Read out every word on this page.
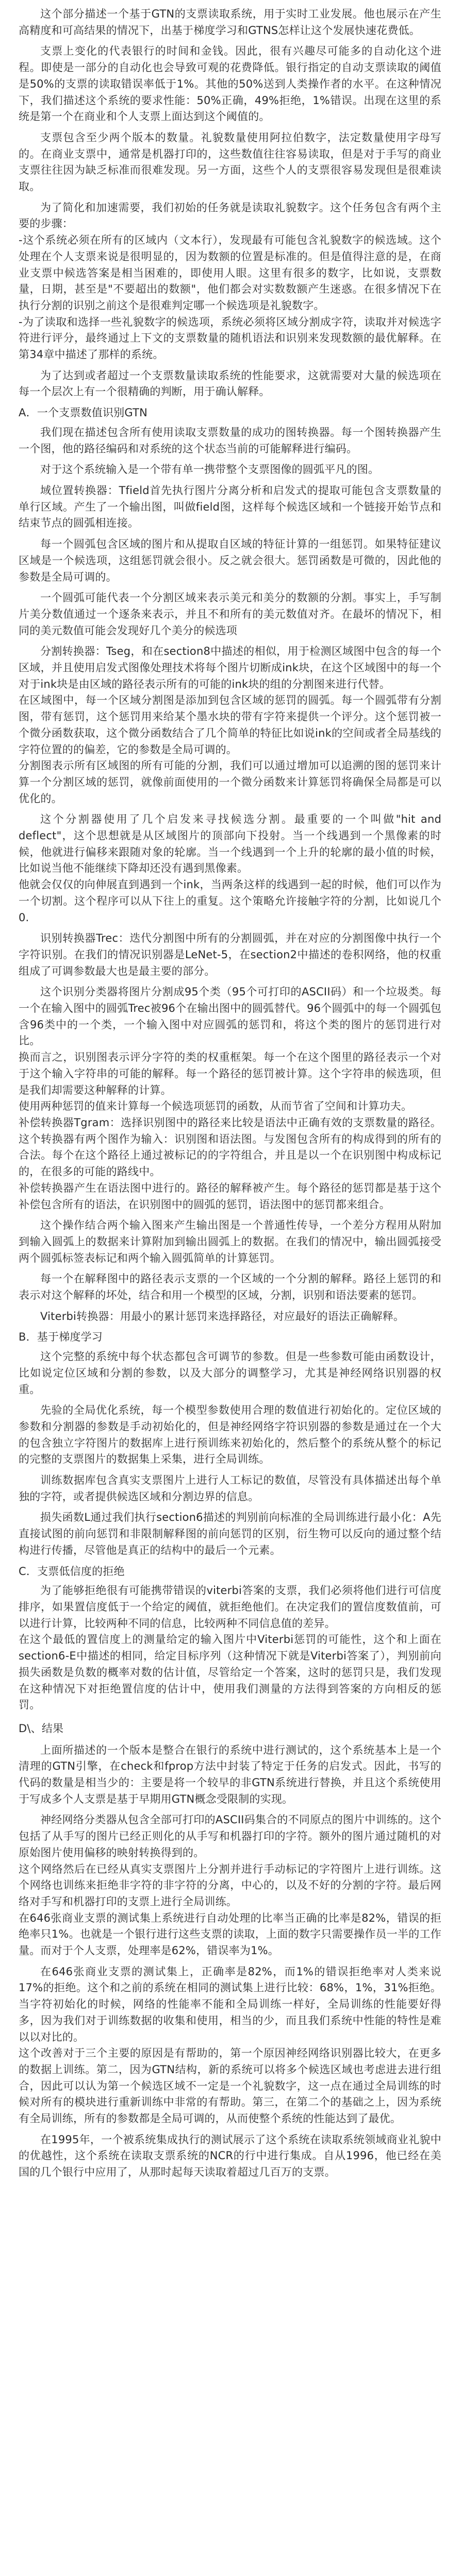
这个部分描述一个基于GTN的支票读取系统，用于实时工业发展。他也展示在产生高精度和可高结果的情况下，出基于梯度学习和GTNS怎样让这个发展快速花费低。

支票上变化的代表银行的时间和金钱。因此，很有兴趣尽可能多的自动化这个进程。即使是一部分的自动化也会导致可观的花费降低。银行指定的自动支票读取的阈值是50%的支票的读取错误率低于1%。其他的50%送到人类操作者的水平。在这种情况下，我们描述这个系统的要求性能：50%正确，49%拒绝，1%错误。出现在这里的系统是第一个在商业和个人支票上面达到这个阈值的。

支票包含至少两个版本的数量。礼貌数量使用阿拉伯数字，法定数量使用字母写的。在商业支票中，通常是机器打印的，这些数值往往容易读取，但是对于手写的商业支票往往因为缺乏标准而很难发现。另一方面，这些个人的支票很容易发现但是很难读取。

为了简化和加速需要，我们初始的任务就是读取礼貌数字。这个任务包含有两个主要的步骤：
-这个系统必须在所有的区域内（文本行），发现最有可能包含礼貌数字的候选域。这个处理在个人支票来说是很明显的，因为数额的位置是标准的。但是值得注意的是，在商业支票中候选答案是相当困难的，即使用人眼。这里有很多的数字，比如说，支票数量，日期，甚至是"不要超出的数额"，他们都会对实数数额产生迷惑。在很多情况下在执行分割的识别之前这个是很难判定哪一个候选项是礼貌数字。
-为了读取和选择一些礼貌数字的候选项，系统必须将区域分割成字符，读取并对候选字符进行评分，最终通过上下文的支票数量的随机语法和识别来发现数额的最优解释。在第34章中描述了那样的系统。

为了达到或者超过一个支票数量读取系统的性能要求，这就需要对大量的候选项在每一个层次上有一个很精确的判断，用于确认解释。

A．一个支票数值识别GTN

我们现在描述包含所有使用读取支票数量的成功的图转换器。每一个图转换器产生一个图，他的路径编码和对系统的这个状态当前的可能解释进行编码。

对于这个系统输入是一个带有单一携带整个支票图像的圆弧平凡的图。

域位置转换器：Tfield首先执行图片分离分析和启发式的提取可能包含支票数量的单行区域。产生了一个输出图，叫做field图，这样每个候选区域和一个链接开始节点和结束节点的圆弧相连接。

每一个圆弧包含区域的图片和从提取自区域的特征计算的一组惩罚。如果特征建议区域是一个候选项，这组惩罚就会很小。反之就会很大。惩罚函数是可微的，因此他的参数是全局可调的。

一个圆弧可能代表一个分割区域来表示美元和美分的数额的分割。事实上，手写制片美分数值通过一个逐条来表示，并且不和所有的美元数值对齐。在最坏的情况下，相同的美元数值可能会发现好几个美分的候选项

分割转换器：Tseg，和在section8中描述的相似，用于检测区域图中包含的每一个区域，并且使用启发式图像处理技术将每个图片切断成ink块，在这个区域图中的每一个对于ink块是由区域的路径表示所有的可能的ink块的组的分割图来进行代替。
在区域图中，每一个区域分割图是添加到包含区域的惩罚的圆弧。每一个圆弧带有分割图，带有惩罚，这个惩罚用来给某个墨水块的带有字符来提供一个评分。这个惩罚被一个微分函数获取，这个微分函数结合了几个简单的特征比如说ink的空间或者全局基线的字符位置的的偏差，它的参数是全局可调的。
分割图表示所有区域图的所有可能的分割，我们可以通过增加可以追溯的图的惩罚来计算一个分割区域的惩罚，就像前面使用的一个微分函数来计算惩罚将确保全局都是可以优化的。

这个分割器使用了几个启发来寻找候选分割。最重要的一个叫做"hit and deflect"，这个思想就是从区域图片的顶部向下投射。当一个线遇到一个黑像素的时候，他就进行偏移来跟随对象的轮廓。当一个线遇到一个上升的轮廓的最小值的时候，比如说当他不能继续下降却还没有遇到黑像素。
他就会仅仅的向伸展直到遇到一个ink，当两条这样的线遇到一起的时候，他们可以作为一个切割。这个程序可以从下往上的重复。这个策略允许接触字符的分割，比如说几个0.

识别转换器Trec：迭代分割图中所有的分割圆弧，并在对应的分割图像中执行一个字符识别。在我们的情况识别器是LeNet-5，在section2中描述的卷积网络，他的权重组成了可调参数最大也是最主要的部分。

这个识别分类器将图片分割成95个类（95个可打印的ASCII码）和一个垃圾类。每一个在输入图中的圆弧Trec被96个在输出图中的圆弧替代。96个圆弧中的每一个圆弧包含96类中的一个类，一个输入图中对应圆弧的惩罚和，将这个类的图片的惩罚进行对比。
换而言之，识别图表示评分字符的类的权重框架。每一个在这个图里的路径表示一个对于这个输入字符串的可能的解释。每一个路径的惩罚被计算。这个字符串的候选项，但是我们却需要这种解释的计算。
使用两种惩罚的值来计算每一个候选项惩罚的函数，从而节省了空间和计算功夫。
补偿转换器Tgram：选择识别图中的路径来比较是语法中正确有效的支票数量的路径。这个转换器有两个图作为输入：识别图和语法图。与发图包含所有的构成得到的所有的合法。每个在这个路径上通过被标记的的字符组合，并且是以一个在识别图中构成标记的，在很多的可能的路线中。
补偿转换器产生在语法图中进行的。路径的解释被产生。每个路径的惩罚都是基于这个补偿包含所有的语法，在识别图中的圆弧的惩罚，语法图中的惩罚都来组合。

这个操作结合两个输入图来产生输出图是一个普通性传导，一个差分方程用从附加到输入圆弧上的数据来计算附加到输出圆弧上的数据。在我们的情况中，输出圆弧接受两个圆弧标签表标记和两个输入圆弧简单的计算惩罚。

每一个在解释图中的路径表示支票的一个区域的一个分割的解释。路径上惩罚的和表示对这个解释的坏处，结合和用一个模型的区域，分割，识别和语法要素的惩罚。

Viterbi转换器：用最小的累计惩罚来选择路径，对应最好的语法正确解释。

B．基于梯度学习

这个完整的系统中每个状态都包含可调节的参数。但是一些参数可能由函数设计，比如说定位区域和分割的参数，以及大部分的调整学习，尤其是神经网络识别器的权重。

先验的全局优化系统，每一个模型参数使用合理的数值进行初始化的。定位区域的参数和分割器的参数是手动初始化的，但是神经网络字符识别器的参数是通过在一个大的包含独立字符图片的数据库上进行预训练来初始化的，然后整个的系统从整个的标记的完整的支票图片的数据集上采集，进行全局训练。

训练数据库包含真实支票图片上进行人工标记的数值，尽管没有具体描述出每个单独的字符，或者提供候选区域和分割边界的信息。

损失函数L通过我们执行section6描述的判别前向标准的全局训练进行最小化：A先直接试图的前向惩罚和非限制解释图的前向惩罚的区别，衍生物可以反向的通过整个结构进行传播，尽管他是真正的结构中的最后一个元素。

C．支票低信度的拒绝

为了能够拒绝很有可能携带错误的viterbi答案的支票，我们必须将他们进行可信度排序，如果置信度低于一个给定的阈值，就拒绝他们。在决定我们的置信度数值前，可以进行计算，比较两种不同的信息，比较两种不同信息值的差异。
在这个最低的置信度上的测量给定的输入图片中Viterbi惩罚的可能性，这个和上面在section6-E中描述的相同，给定目标序列（这种情况下就是Viterbi答案了），判别前向损失函数是负数的概率对数的估计值，尽管给定一个答案，这时的惩罚只是，我们发现在这种情况下对拒绝置信度的估计中，使用我们测量的方法得到答案的方向相反的惩罚。

D\、结果

上面所描述的一个版本是整合在银行的系统中进行测试的，这个系统基本上是一个清理的GTN引擎，在check和fprop方法中封装了特定于任务的启发式。因此，书写的代码的数量是相当少的：主要是将一个较早的非GTN系统进行替换，并且这个系统使用于写成多个人支票是基于早期用GTN概念受限制的实现。

神经网络分类器从包含全部可打印的ASCII码集合的不同原点的图片中训练的。这个包括了从手写的图片已经正则化的从手写和机器打印的字符。额外的图片通过随机的对原始图片使用偏移的映射转换得到的。
这个网络然后在已经从真实支票图片上分割并进行手动标记的字符图片上进行训练。这个网络也训练来拒绝非字符的非字符的分离，中心的，以及不好的分割的字符。最后网络对手写和机器打印的支票上进行全局训练。
在646张商业支票的测试集上系统进行自动处理的比率当正确的比率是82%，错误的拒绝率只1%。也就是一个银行进行这些支票的读取，上面的数字只需要操作员一半的工作量。而对于个人支票，处理率是62%，错误率为1%。

在646张商业支票的测试集上，正确率是82%，而1%的错误拒绝率对人类来说17%的拒绝。这个和之前的系统在相同的测试集上进行比较：68%，1%，31%拒绝。当字符初始化的时候，网络的性能率不能和全局训练一样好，全局训练的性能要好得多，因为我们对于训练数据的收集和使用，相当的少，而且我们系统中性能的特性是难以以对比的。
这个改善对于三个主要的原因是有帮助的，第一个原因神经网络识别器比较大，在更多的数据上训练。第二，因为GTN结构，新的系统可以将多个候选区域也考虑进去进行组合，因此可以认为第一个候选区域不一定是一个礼貌数字，这一点在通过全局训练的时候对所有的模块进行重新训练中非常的有帮助。第三，在第二个的基础之上，因为系统有全局训练，所有的参数都是全局可调的，从而使整个系统的性能达到了最优。

在1995年，一个被系统集成执行的测试展示了这个系统在读取系统领域商业礼貌中的优越性，这个系统在读取支票系统的NCR的行中进行集成。自从1996，他已经在美国的几个银行中应用了，从那时起每天读取着超过几百万的支票。
